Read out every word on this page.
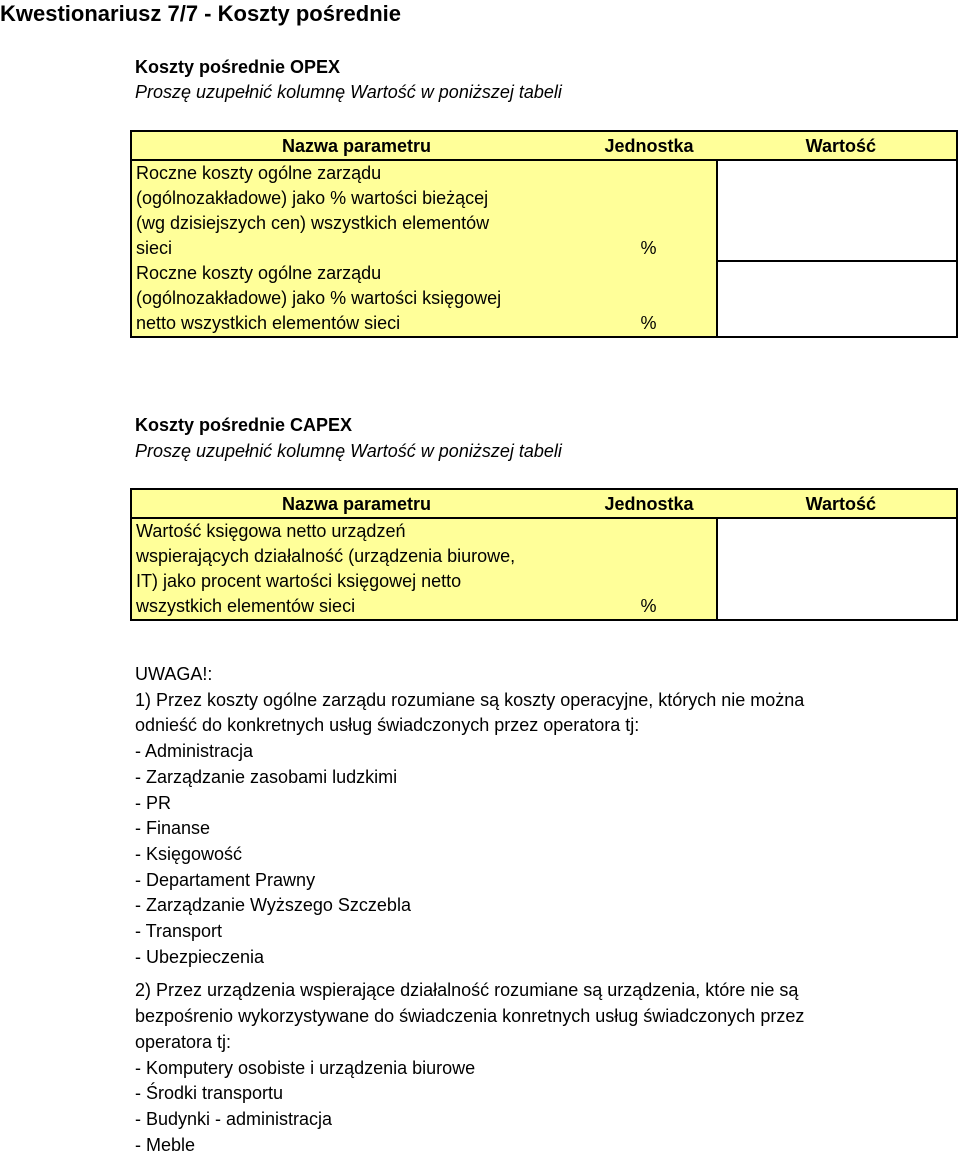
Kwestionariusz 7/7 - Koszty pośrednie
Koszty pośrednie OPEX
Proszę uzupełnić kolumnę Wartość w poniższej tabeli
Nazwa parametru	Jednostka	Wartość

Roczne koszty ogólne zarządu
(ogólnozakładowe) jako % wartości bieżącej
(wg dzisiejszych cen) wszystkich elementów
sieci	%	

Roczne koszty ogólne zarządu
(ogólnozakładowe) jako % wartości księgowej
netto wszystkich elementów sieci	%	
Koszty pośrednie CAPEX
Proszę uzupełnić kolumnę Wartość w poniższej tabeli
Nazwa parametru	Jednostka	Wartość

Wartość księgowa netto urządzeń
wspierających działalność (urządzenia biurowe,
IT) jako procent wartości księgowej netto
wszystkich elementów sieci	%	
UWAGA!:
1) Przez koszty ogólne zarządu rozumiane są koszty operacyjne, których nie można
odnieść do konkretnych usług świadczonych przez operatora tj:
- Administracja
- Zarządzanie zasobami ludzkimi
- PR
- Finanse
- Księgowość
- Departament Prawny
- Zarządzanie Wyższego Szczebla
- Transport
- Ubezpieczenia
2) Przez urządzenia wspierające działalność rozumiane są urządzenia, które nie są
bezpośrenio wykorzystywane do świadczenia konretnych usług świadczonych przez
operatora tj:
- Komputery osobiste i urządzenia biurowe
- Środki transportu
- Budynki - administracja
- Meble
